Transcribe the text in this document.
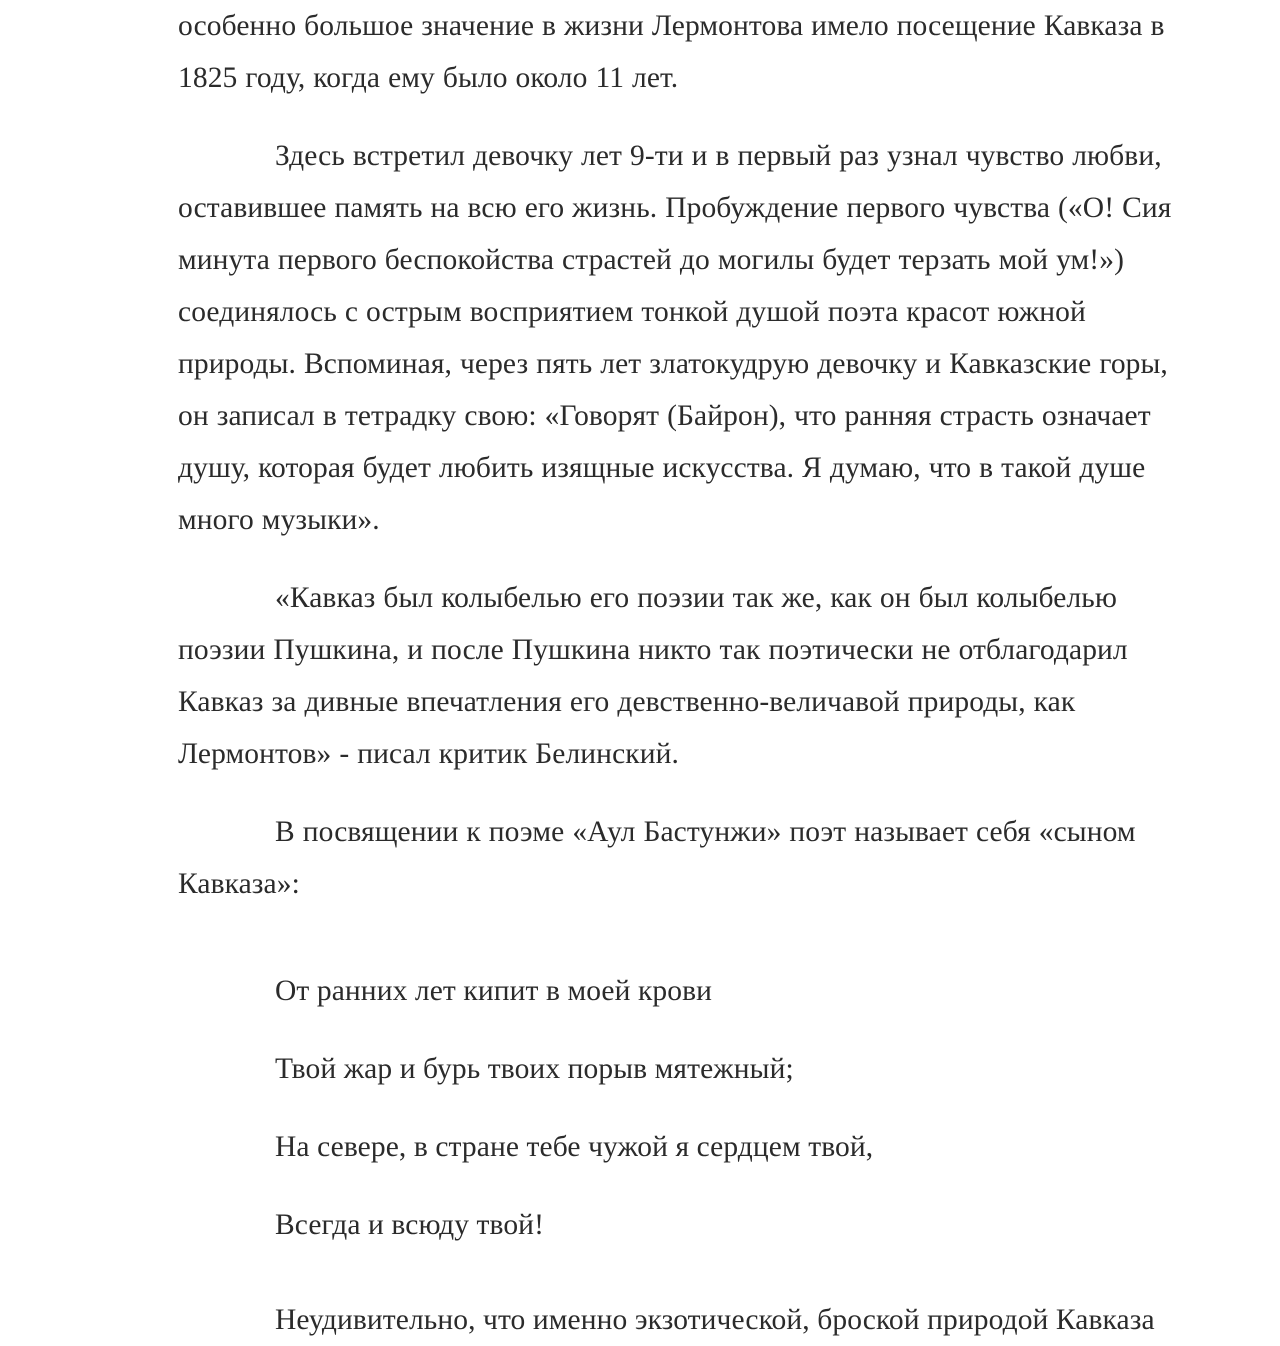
особенно большое значение в жизни Лермонтова имело посещение Кавказа в 1825 году, когда ему было около 11 лет.

Здесь встретил девочку лет 9-ти и в первый раз узнал чувство любви, оставившее память на всю его жизнь. Пробуждение первого чувства («О! Сия минута первого беспокойства страстей до могилы будет терзать мой ум!») соединялось с острым восприятием тонкой душой поэта красот южной природы. Вспоминая, через пять лет златокудрую девочку и Кавказские горы, он записал в тетрадку свою: «Говорят (Байрон), что ранняя страсть означает душу, которая будет любить изящные искусства. Я думаю, что в такой душе много музыки».

«Кавказ был колыбелью его поэзии так же, как он был колыбелью поэзии Пушкина, и после Пушкина никто так поэтически не отблагодарил Кавказ за дивные впечатления его девственно-величавой природы, как Лермонтов» - писал критик Белинский.

В посвящении к поэме «Аул Бастунжи» поэт называет себя «сыном Кавказа»:

От ранних лет кипит в моей крови

Твой жар и бурь твоих порыв мятежный;

На севере, в стране тебе чужой я сердцем твой,

Всегда и всюду твой!

Неудивительно, что именно экзотической, броской природой Кавказа
